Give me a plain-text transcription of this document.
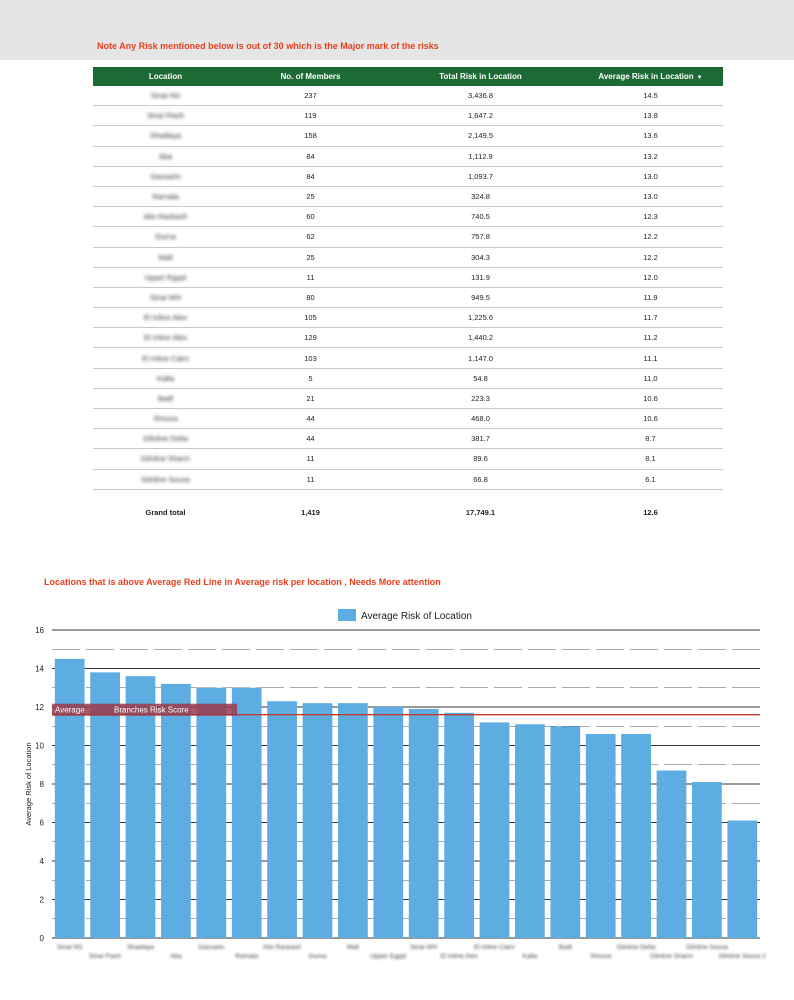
Note Any Risk mentioned below is out of 30 which is the Major mark of the risks
Location	No. of Members	Total Risk in Location	Average Risk in Location ▼
Sinai NS	237	3,436.8	14.5
Sinai Flash	119	1,647.2	13.8
Shadiaya	158	2,149.5	13.6
Aba	84	1,112.9	13.2
Gassarlo	84	1,093.7	13.0
Rarnala	25	324.8	13.0
Alio Raskash	60	740.5	12.3
Gurna	62	757.8	12.2
Mall	25	304.3	12.2
Upper Egypt	11	131.9	12.0
Sinai WH	80	949.5	11.9
El Inline Alex	105	1,225.6	11.7
El Inline Alex	129	1,440.2	11.2
El Inline Cairo	103	1,147.0	11.1
Kalta	5	54.8	11.0
Badl	21	223.3	10.6
Shoura	44	468.0	10.6
Gilnline Delta	44	381.7	8.7
Gilnline Sharm	11	89.6	8.1
Gilnline Sousa	11	66.8	6.1
Grand total	1,419	17,749.1	12.6
Locations that is above Average Red Line in Average risk per location , Needs More attention
0
2
4
6
8
10
12
14
16
Average Risk of Location
Average Risk of Location
Sinai NS
Sinai Flash
Shadiaya
Aba
Gassarlo
Rarnala
Alio Raskash
Gurna
Mall
Upper Egypt
Sinai WH
El Inline Alex
El Inline Cairo
Kalta
Badl
Shoura
Gilnline Delta
Gilnline Sharm
Gilnline Sousa
Gilnline Sousa 2
Average	Branches Risk Score
